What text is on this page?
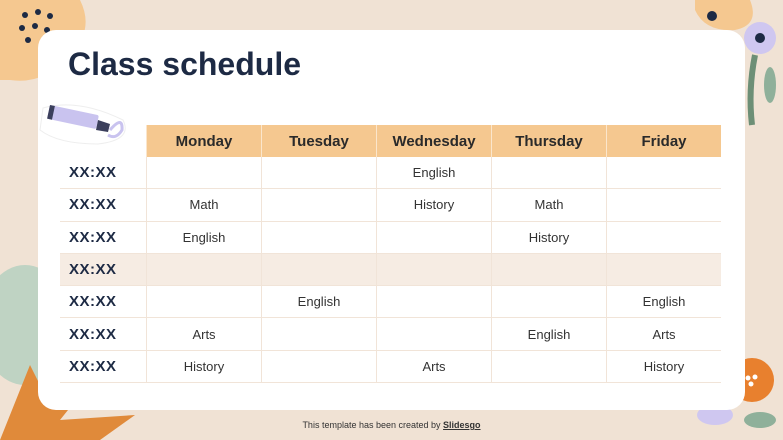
Class schedule
	Monday	Tuesday	Wednesday	Thursday	Friday
XX:XX			English		
XX:XX	Math		History	Math	
XX:XX	English			History	
XX:XX					
XX:XX		English			English
XX:XX	Arts			English	Arts
XX:XX	History		Arts		History
This template has been created by Slidesgo
